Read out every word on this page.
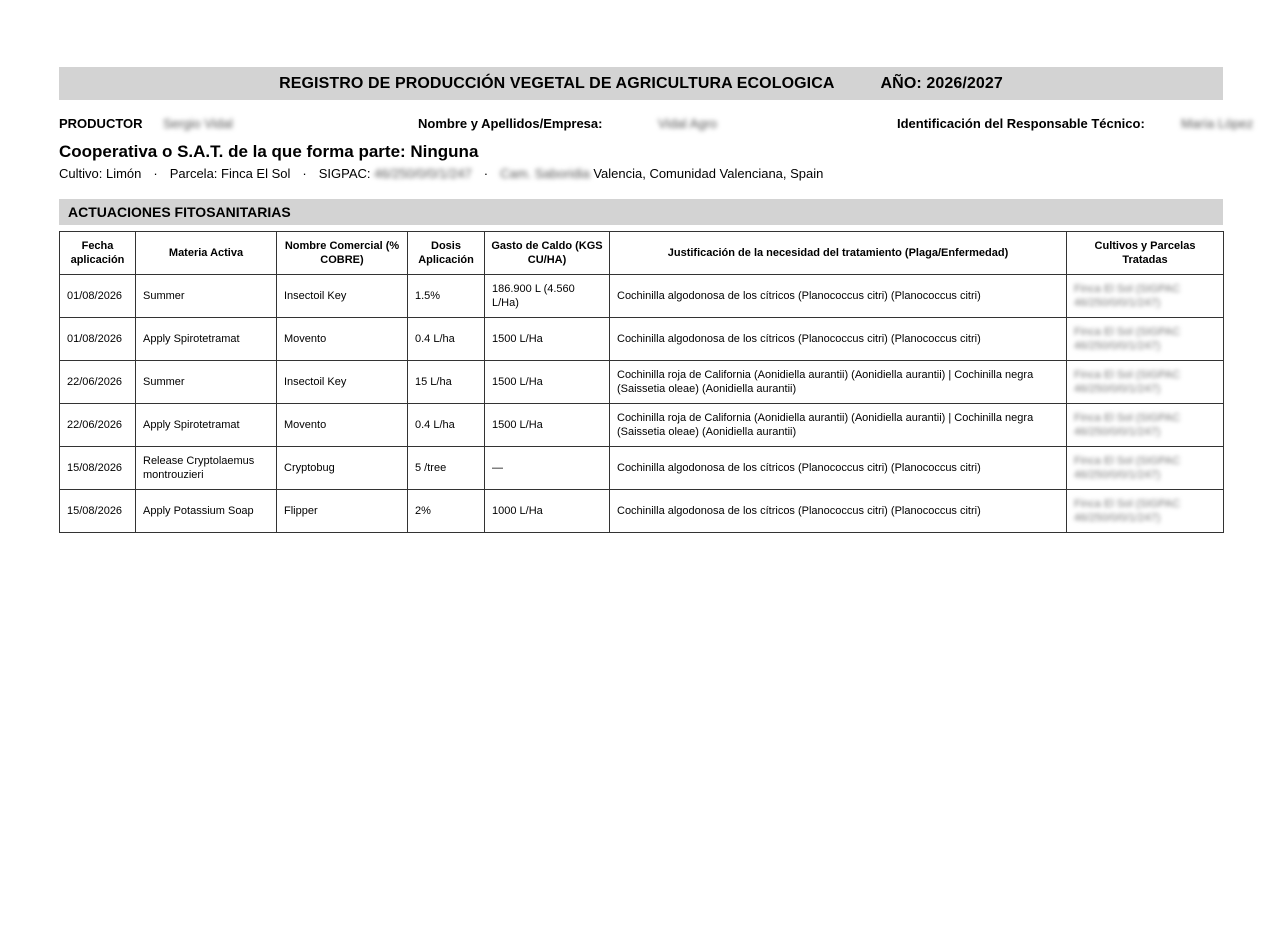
REGISTRO DE PRODUCCIÓN VEGETAL DE AGRICULTURA ECOLOGICA	AÑO: 2026/2027
PRODUCTOR Sergio Vidal	Nombre y Apellidos/Empresa:	Vidal Agro	Identificación del Responsable Técnico:	María López
Cooperativa o S.A.T. de la que forma parte: Ninguna
Cultivo: Limón · Parcela: Finca El Sol · SIGPAC: 46/250/0/0/1/247 · Cam. Saboridia Valencia, Comunidad Valenciana, Spain
ACTUACIONES FITOSANITARIAS
Fecha aplicación	Materia Activa	Nombre Comercial (% COBRE)	Dosis Aplicación	Gasto de Caldo (KGS CU/HA)	Justificación de la necesidad del tratamiento (Plaga/Enfermedad)	Cultivos y Parcelas Tratadas
01/08/2026	Summer	Insectoil Key	1.5%	186.900 L (4.560 L/Ha)	Cochinilla algodonosa de los cítricos (Planococcus citri) (Planococcus citri)	Finca El Sol (SIGPAC 46/250/0/0/1/247)
01/08/2026	Apply Spirotetramat	Movento	0.4 L/ha	1500 L/Ha	Cochinilla algodonosa de los cítricos (Planococcus citri) (Planococcus citri)	Finca El Sol (SIGPAC 46/250/0/0/1/247)
22/06/2026	Summer	Insectoil Key	15 L/ha	1500 L/Ha	Cochinilla roja de California (Aonidiella aurantii) (Aonidiella aurantii) | Cochinilla negra (Saissetia oleae) (Aonidiella aurantii)	Finca El Sol (SIGPAC 46/250/0/0/1/247)
22/06/2026	Apply Spirotetramat	Movento	0.4 L/ha	1500 L/Ha	Cochinilla roja de California (Aonidiella aurantii) (Aonidiella aurantii) | Cochinilla negra (Saissetia oleae) (Aonidiella aurantii)	Finca El Sol (SIGPAC 46/250/0/0/1/247)
15/08/2026	Release Cryptolaemus montrouzieri	Cryptobug	5 /tree	—	Cochinilla algodonosa de los cítricos (Planococcus citri) (Planococcus citri)	Finca El Sol (SIGPAC 46/250/0/0/1/247)
15/08/2026	Apply Potassium Soap	Flipper	2%	1000 L/Ha	Cochinilla algodonosa de los cítricos (Planococcus citri) (Planococcus citri)	Finca El Sol (SIGPAC 46/250/0/0/1/247)
